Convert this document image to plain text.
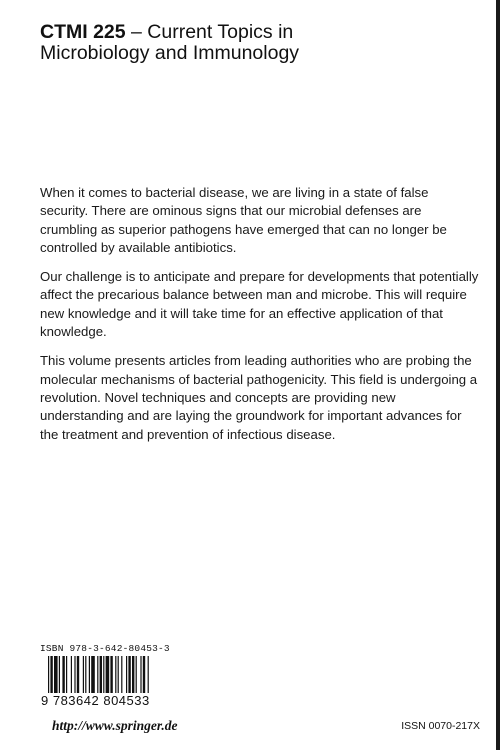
CTMI 225 – Current Topics in
Microbiology and Immunology

When it comes to bacterial disease, we are living in a state of false security. There are ominous signs that our microbial defenses are crumbling as superior pathogens have emerged that can no longer be controlled by available antibiotics.

Our challenge is to anticipate and prepare for developments that potentially affect the precarious balance between man and microbe. This will require new knowledge and it will take time for an effective application of that knowledge.

This volume presents articles from leading authorities who are probing the molecular mechanisms of bacterial pathogenicity. This field is undergoing a revolution. Novel techniques and concepts are providing new understanding and are laying the groundwork for important advances for the treatment and prevention of infectious disease.

ISBN 978-3-642-80453-3
9 783642 804533
http://www.springer.de	ISSN 0070-217X
